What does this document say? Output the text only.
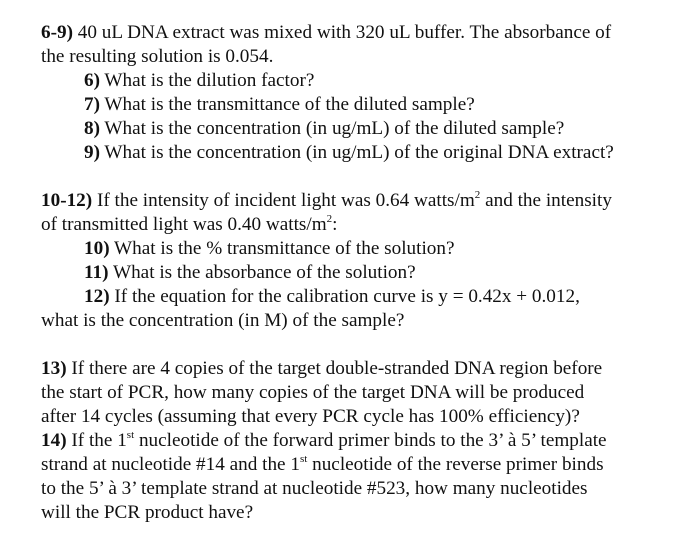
6-9) 40 uL DNA extract was mixed with 320 uL buffer. The absorbance of
the resulting solution is 0.054.
6) What is the dilution factor?
7) What is the transmittance of the diluted sample?
8) What is the concentration (in ug/mL) of the diluted sample?
9) What is the concentration (in ug/mL) of the original DNA extract?
10-12) If the intensity of incident light was 0.64 watts/$m^2$ and the intensity
of transmitted light was 0.40 watts/$m^2$:
10) What is the % transmittance of the solution?
11) What is the absorbance of the solution?
12) If the equation for the calibration curve is y = 0.42x + 0.012,
what is the concentration (in M) of the sample?
13) If there are 4 copies of the target double-stranded DNA region before
the start of PCR, how many copies of the target DNA will be produced
after 14 cycles (assuming that every PCR cycle has 100% efficiency)?
14) If the 1st nucleotide of the forward primer binds to the 3’ à 5’ template
strand at nucleotide #14 and the 1st nucleotide of the reverse primer binds
to the 5’ à 3’ template strand at nucleotide #523, how many nucleotides
will the PCR product have?
